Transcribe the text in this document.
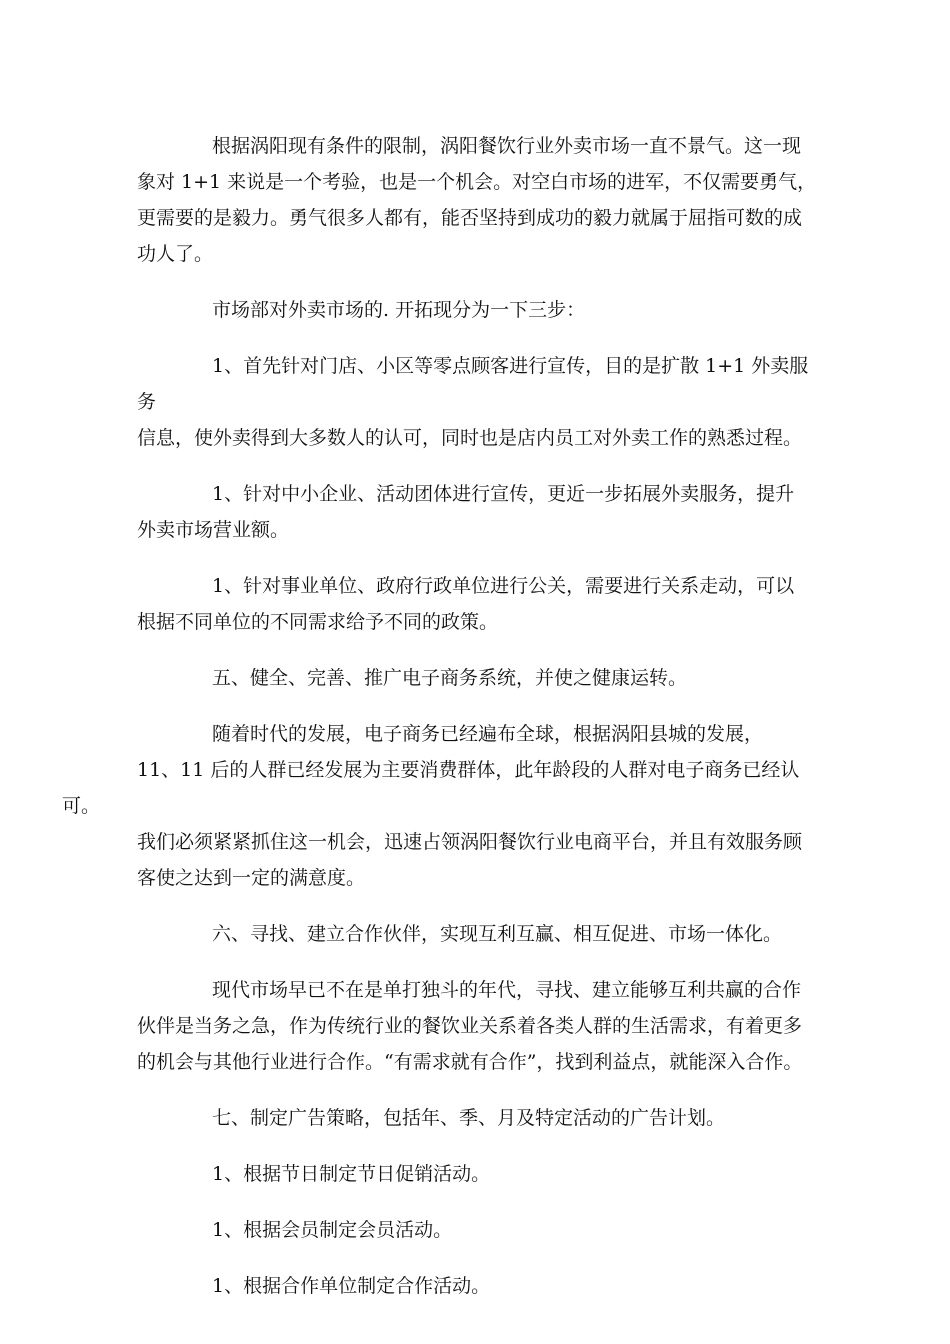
根据涡阳现有条件的限制，涡阳餐饮行业外卖市场一直不景气。这一现
象对 1+1 来说是一个考验，也是一个机会。对空白市场的进军，不仅需要勇气，
更需要的是毅力。勇气很多人都有，能否坚持到成功的毅力就属于屈指可数的成
功人了。

市场部对外卖市场的. 开拓现分为一下三步：

1、首先针对门店、小区等零点顾客进行宣传，目的是扩散 1+1 外卖服务
信息，使外卖得到大多数人的认可，同时也是店内员工对外卖工作的熟悉过程。

1、针对中小企业、活动团体进行宣传，更近一步拓展外卖服务，提升
外卖市场营业额。

1、针对事业单位、政府行政单位进行公关，需要进行关系走动，可以
根据不同单位的不同需求给予不同的政策。

五、健全、完善、推广电子商务系统，并使之健康运转。

随着时代的发展，电子商务已经遍布全球，根据涡阳县城的发展，
11、11 后的人群已经发展为主要消费群体，此年龄段的人群对电子商务已经认可。
我们必须紧紧抓住这一机会，迅速占领涡阳餐饮行业电商平台，并且有效服务顾
客使之达到一定的满意度。

六、寻找、建立合作伙伴，实现互利互赢、相互促进、市场一体化。

现代市场早已不在是单打独斗的年代，寻找、建立能够互利共赢的合作
伙伴是当务之急，作为传统行业的餐饮业关系着各类人群的生活需求，有着更多
的机会与其他行业进行合作。“有需求就有合作”，找到利益点，就能深入合作。

七、制定广告策略，包括年、季、月及特定活动的广告计划。

1、根据节日制定节日促销活动。

1、根据会员制定会员活动。

1、根据合作单位制定合作活动。
